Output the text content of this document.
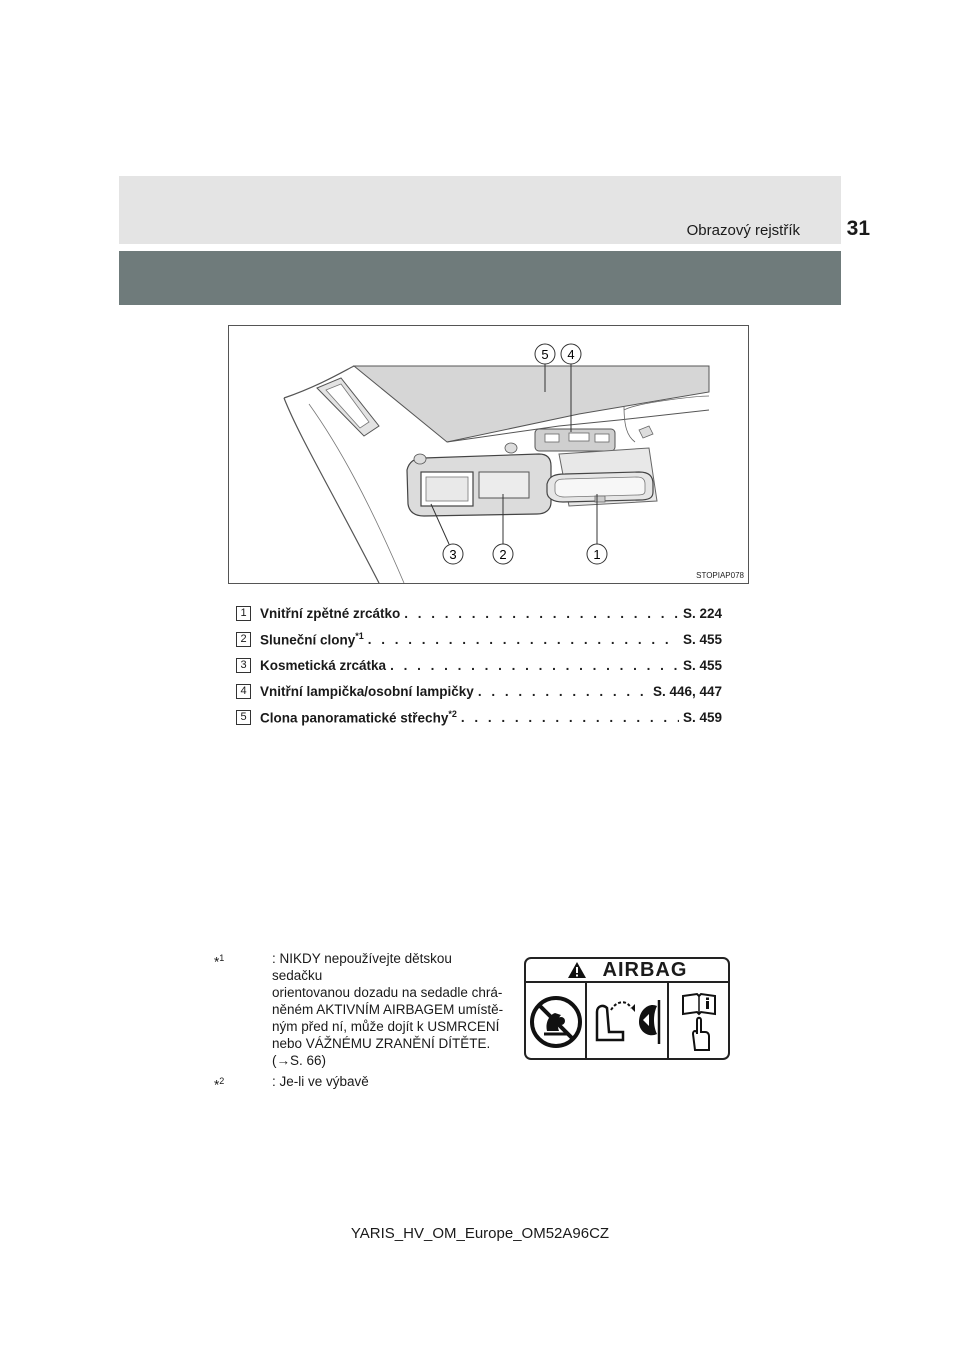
Obrazový rejstřík 31
5 4
3	2	1
STOPIAP078
1 Vnitřní zpětné zrcátko . . .	S. 224
2 Sluneční clony$^{*1}$ . . .	S. 455
3 Kosmetická zrcátka . . .	S. 455
4 Vnitřní lampička/osobní lampičky . . .	S. 446, 447
5 Clona panoramatické střechy$^{*2}$ . . .	S. 459
*$^1$	: NIKDY nepoužívejte dětskou sedačku
orientovanou dozadu na sedadle chrá-
něném AKTIVNÍM AIRBAGEM umístě-
ným před ní, může dojít k USMRCENÍ
nebo VÁŽNÉMU ZRANĚNÍ DÍTĚTE.
(→S. 66)
*$^2$	: Je-li ve výbavě
AIRBAG
YARIS_HV_OM_Europe_OM52A96CZ
